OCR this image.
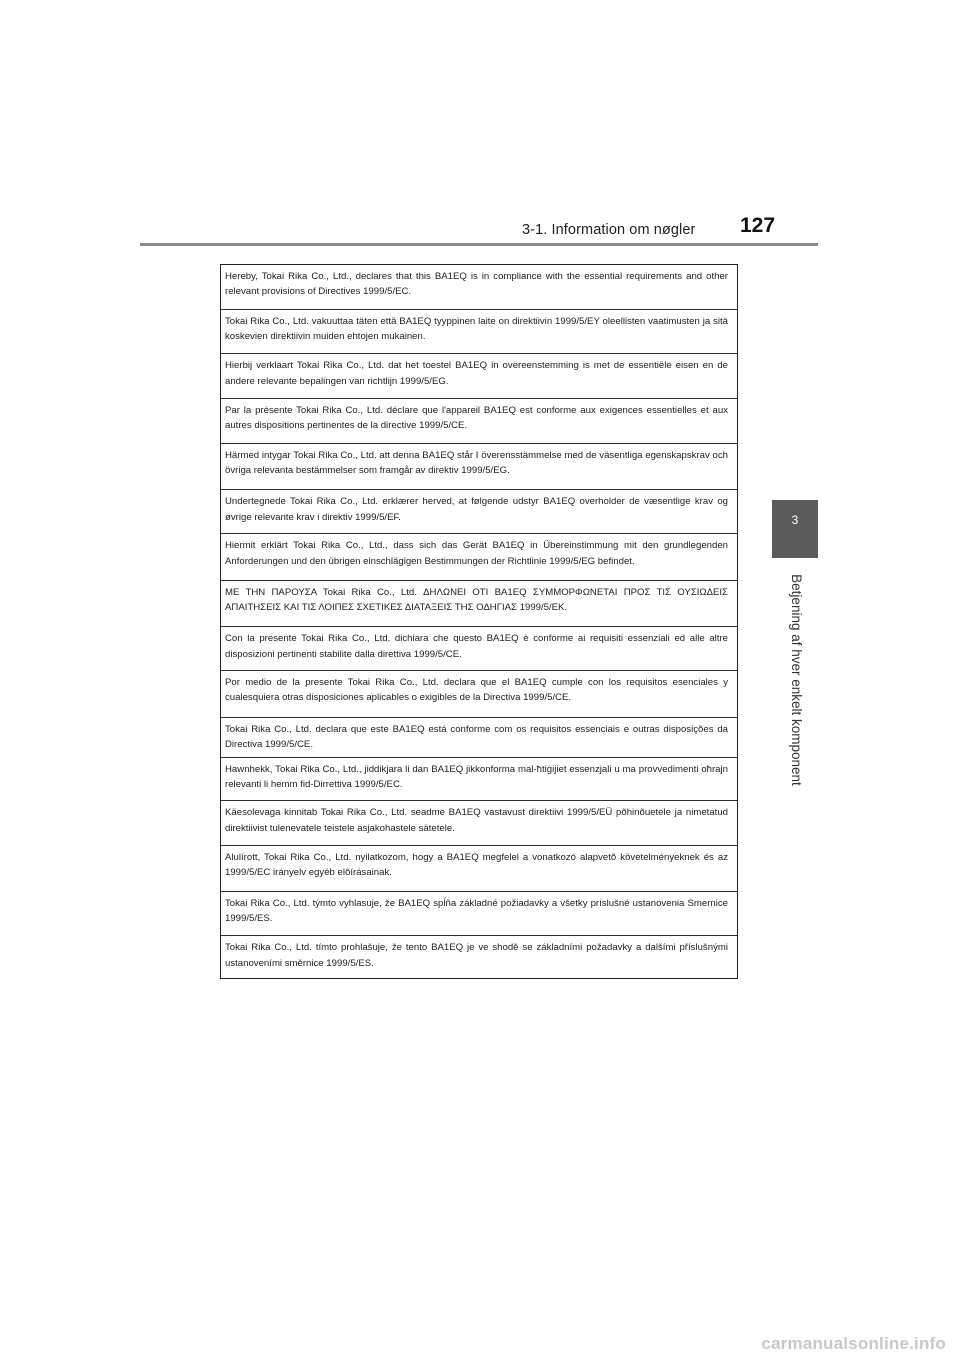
3-1. Information om nøgler 127
3
Betjening af hver enkelt komponent
Hereby, Tokai Rika Co., Ltd., declares that this BA1EQ is in compliance with the essential requirements and other relevant provisions of Directives 1999/5/EC.
Tokai Rika Co., Ltd. vakuuttaa täten että BA1EQ tyyppinen laite on direktiivin 1999/5/EY oleellisten vaatimusten ja sitä koskevien direktiivin muiden ehtojen mukainen.
Hierbij verklaart Tokai Rika Co., Ltd. dat het toestel BA1EQ in overeenstemming is met de essentiële eisen en de andere relevante bepalingen van richtlijn 1999/5/EG.
Par la présente Tokai Rika Co., Ltd. déclare que l'appareil BA1EQ est conforme aux exigences essentielles et aux autres dispositions pertinentes de la directive 1999/5/CE.
Härmed intygar Tokai Rika Co., Ltd. att denna BA1EQ står I överensstämmelse med de väsentliga egenskapskrav och övriga relevanta bestämmelser som framgår av direktiv 1999/5/EG.
Undertegnede Tokai Rika Co., Ltd. erklærer herved, at følgende udstyr BA1EQ overholder de væsentlige krav og øvrige relevante krav i direktiv 1999/5/EF.
Hiermit erklärt Tokai Rika Co., Ltd., dass sich das Gerät BA1EQ in Übereinstimmung mit den grundlegenden Anforderungen und den übrigen einschlägigen Bestimmungen der Richtlinie 1999/5/EG befindet.
ΜΕ ΤΗΝ ΠΑΡΟΥΣΑ Tokai Rika Co., Ltd. ΔΗΛΩΝΕΙ ΟΤΙ BA1EQ ΣΥΜΜΟΡΦΩΝΕΤΑΙ ΠΡΟΣ ΤΙΣ ΟΥΣΙΩΔΕΙΣ ΑΠΑΙΤΗΣΕΙΣ ΚΑΙ ΤΙΣ ΛΟΙΠΕΣ ΣΧΕΤΙΚΕΣ ΔΙΑΤΑΞΕΙΣ ΤΗΣ ΟΔΗΓΙΑΣ 1999/5/ΕΚ.
Con la presente Tokai Rika Co., Ltd. dichiara che questo BA1EQ è conforme ai requisiti essenziali ed alle altre disposizioni pertinenti stabilite dalla direttiva 1999/5/CE.
Por medio de la presente Tokai Rika Co., Ltd. declara que el BA1EQ cumple con los requisitos esenciales y cualesquiera otras disposiciones aplicables o exigibles de la Directiva 1999/5/CE.
Tokai Rika Co., Ltd. declara que este BA1EQ está conforme com os requisitos essenciais e outras disposições da Directiva 1999/5/CE.
Hawnhekk, Tokai Rika Co., Ltd., jiddikjara li dan BA1EQ jikkonforma mal-ħtiġijiet essenzjali u ma provvedimenti oħrajn relevanti li hemm fid-Dirrettiva 1999/5/EC.
Käesolevaga kinnitab Tokai Rika Co., Ltd. seadme BA1EQ vastavust direktiivi 1999/5/EÜ põhinõuetele ja nimetatud direktiivist tulenevatele teistele asjakohastele sätetele.
Alulírott, Tokai Rika Co., Ltd. nyilatkozom, hogy a BA1EQ megfelel a vonatkozó alapvetõ követelményeknek és az 1999/5/EC irányelv egyéb elõírásainak.
Tokai Rika Co., Ltd. týmto vyhlasuje, že BA1EQ spĺňa základné požiadavky a všetky príslušné ustanovenia Smernice 1999/5/ES.
Tokai Rika Co., Ltd. tímto prohlašuje, že tento BA1EQ je ve shodě se základními požadavky a dalšími příslušnými ustanoveními směrnice 1999/5/ES.
carmanualsonline.info
